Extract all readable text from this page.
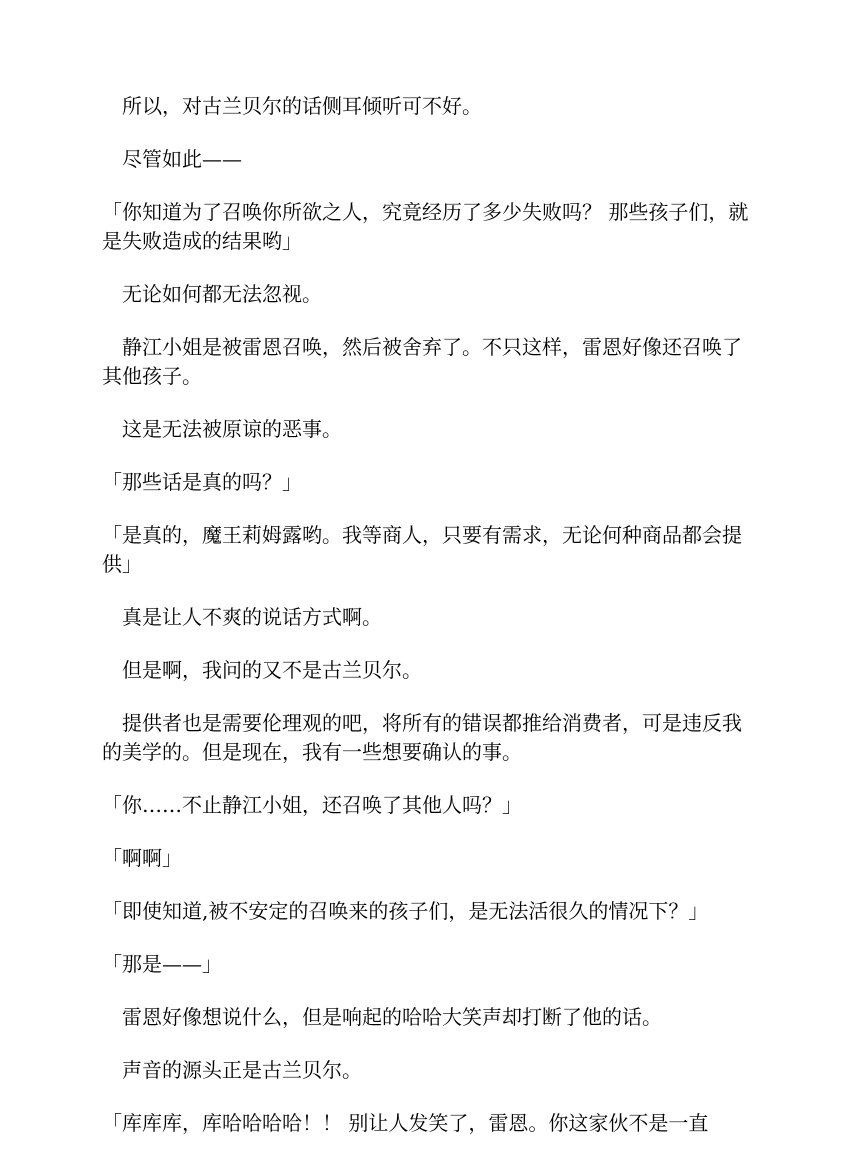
　所以，对古兰贝尔的话侧耳倾听可不好。

　尽管如此——

「你知道为了召唤你所欲之人，究竟经历了多少失败吗？ 那些孩子们，就是失败造成的结果哟」

　无论如何都无法忽视。

　静江小姐是被雷恩召唤，然后被舍弃了。不只这样，雷恩好像还召唤了其他孩子。

　这是无法被原谅的恶事。

「那些话是真的吗？」

「是真的，魔王莉姆露哟。我等商人，只要有需求，无论何种商品都会提供」

　真是让人不爽的说话方式啊。

　但是啊，我问的又不是古兰贝尔。

　提供者也是需要伦理观的吧，将所有的错误都推给消费者，可是违反我的美学的。但是现在，我有一些想要确认的事。

「你……不止静江小姐，还召唤了其他人吗？」

「啊啊」

「即使知道,被不安定的召唤来的孩子们，是无法活很久的情况下？」

「那是——」

　雷恩好像想说什么，但是响起的哈哈大笑声却打断了他的话。

　声音的源头正是古兰贝尔。

「库库库，库哈哈哈哈！！ 别让人发笑了，雷恩。你这家伙不是一直
